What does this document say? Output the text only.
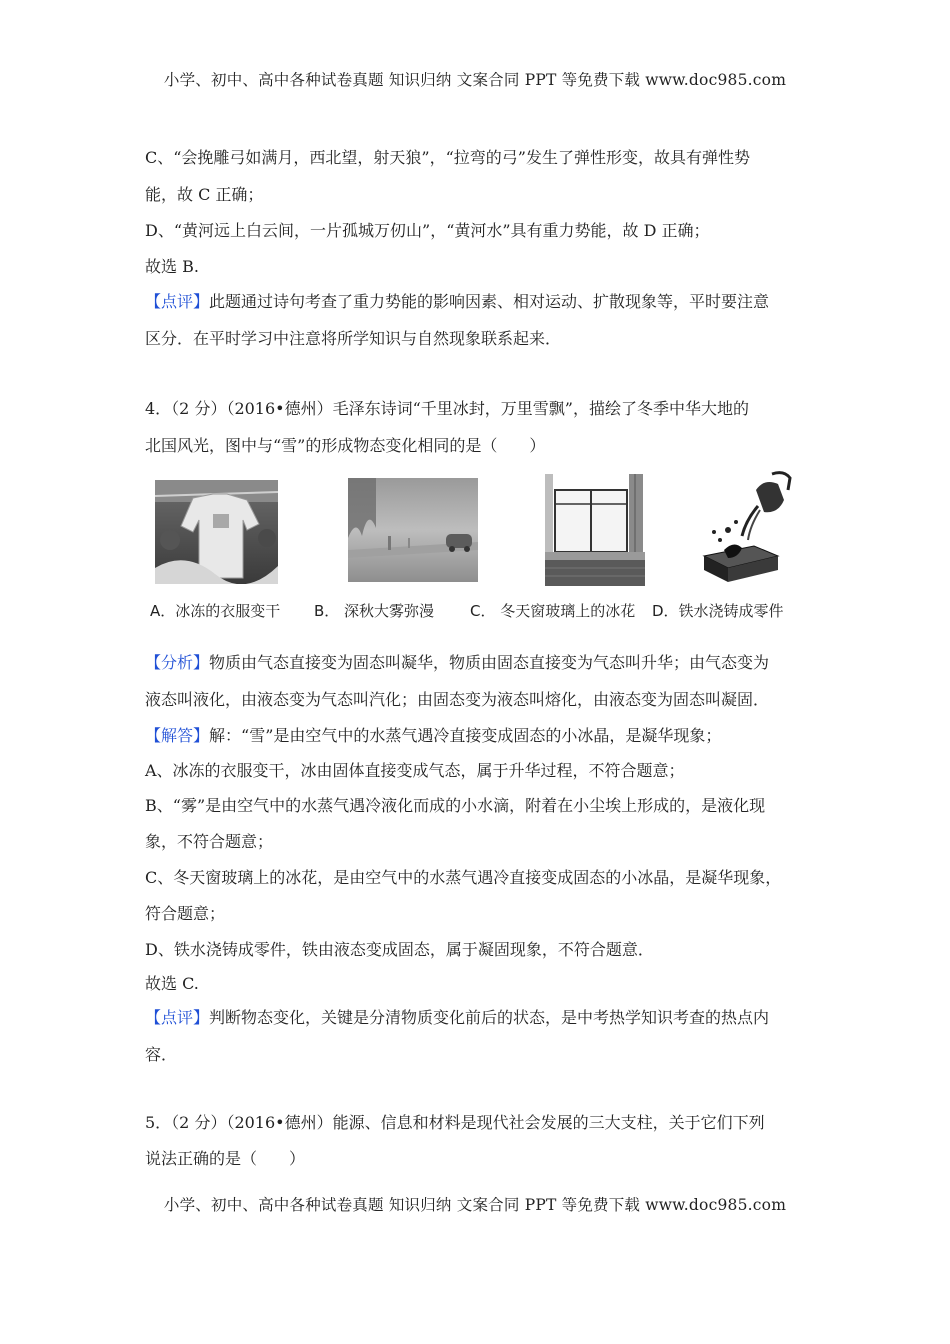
小学、初中、高中各种试卷真题 知识归纳 文案合同 PPT 等免费下载 www.doc985.com
C、“会挽雕弓如满月，西北望，射天狼”，“拉弯的弓”发生了弹性形变，故具有弹性势
能，故 C 正确；
D、“黄河远上白云间，一片孤城万仞山”，“黄河水”具有重力势能，故 D 正确；
故选 B.
【点评】此题通过诗句考查了重力势能的影响因素、相对运动、扩散现象等，平时要注意
区分．在平时学习中注意将所学知识与自然现象联系起来．
4．（2 分）（2016•德州）毛泽东诗词“千里冰封，万里雪飘”，描绘了冬季中华大地的
北国风光，图中与“雪”的形成物态变化相同的是（　　）
A．冰冻的衣服变干 B． 深秋大雾弥漫 C． 冬天窗玻璃上的冰花 D．铁水浇铸成零件
【分析】物质由气态直接变为固态叫凝华，物质由固态直接变为气态叫升华；由气态变为
液态叫液化，由液态变为气态叫汽化；由固态变为液态叫熔化，由液态变为固态叫凝固．
【解答】解：“雪”是由空气中的水蒸气遇冷直接变成固态的小冰晶，是凝华现象；
A、冰冻的衣服变干，冰由固体直接变成气态，属于升华过程，不符合题意；
B、“雾”是由空气中的水蒸气遇冷液化而成的小水滴，附着在小尘埃上形成的，是液化现
象，不符合题意；
C、冬天窗玻璃上的冰花，是由空气中的水蒸气遇冷直接变成固态的小冰晶，是凝华现象，
符合题意；
D、铁水浇铸成零件，铁由液态变成固态，属于凝固现象，不符合题意．
故选 C.
【点评】判断物态变化，关键是分清物质变化前后的状态，是中考热学知识考查的热点内
容．
5．（2 分）（2016•德州）能源、信息和材料是现代社会发展的三大支柱，关于它们下列
说法正确的是（　　）
小学、初中、高中各种试卷真题 知识归纳 文案合同 PPT 等免费下载 www.doc985.com
